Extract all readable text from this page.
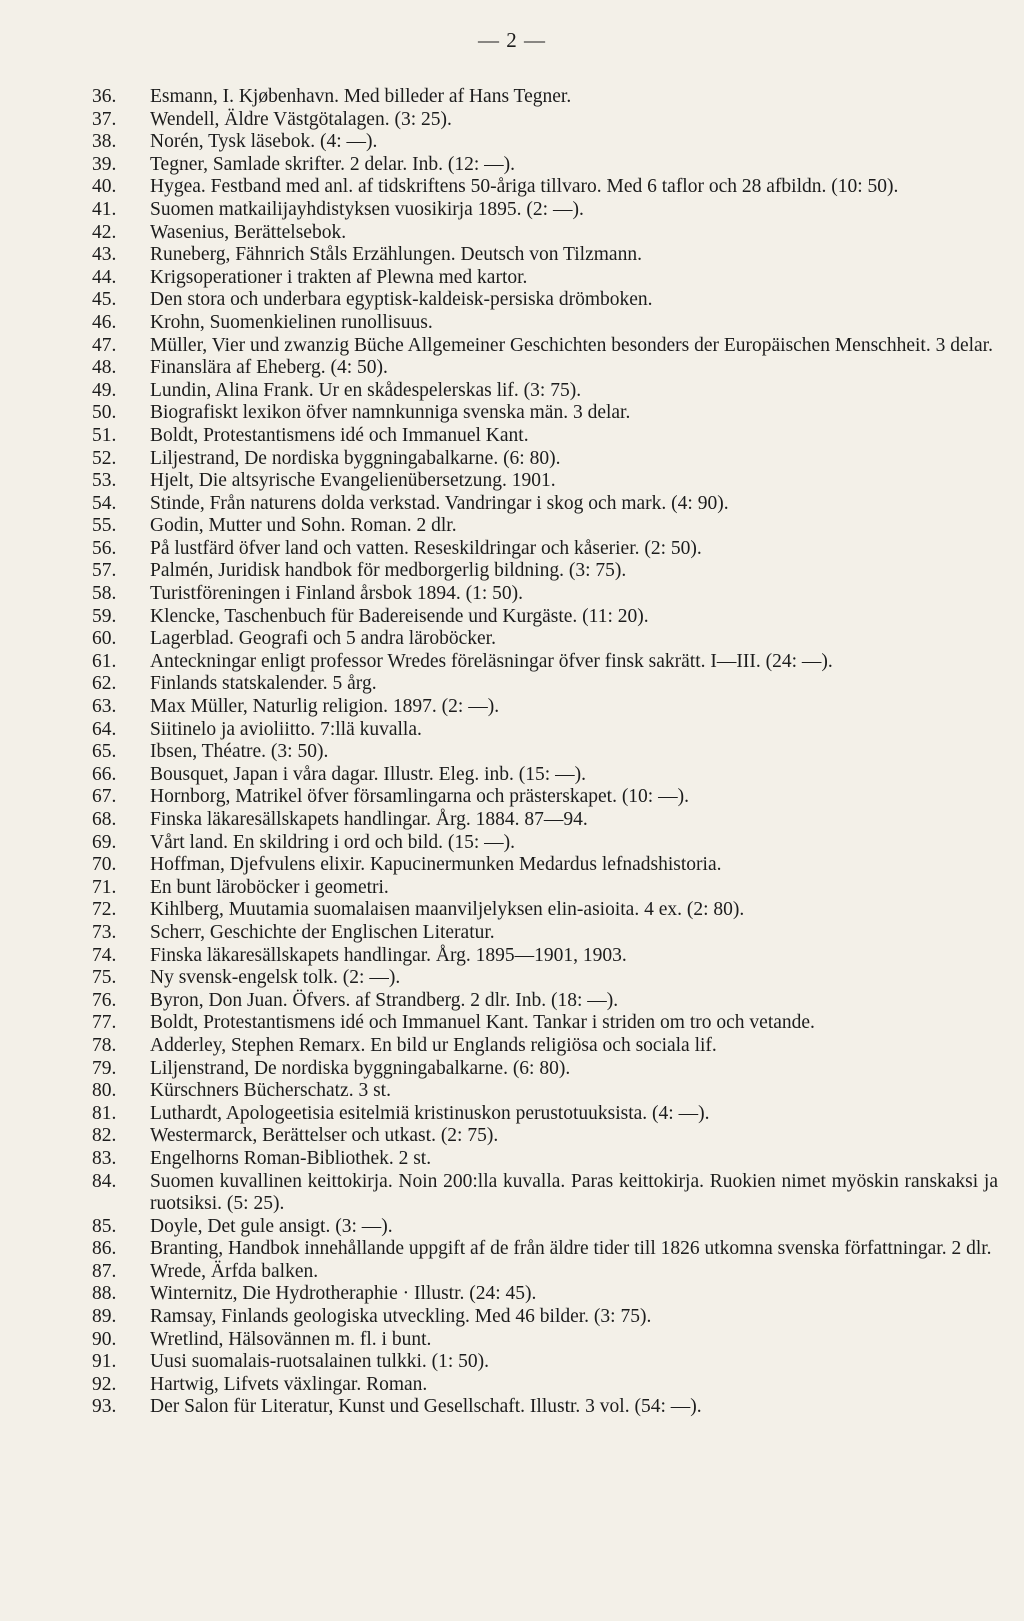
— 2 —
36.	Esmann, I. Kjøbenhavn. Med billeder af Hans Tegner.
37.	Wendell, Äldre Västgötalagen. (3: 25).
38.	Norén, Tysk läsebok. (4: —).
39.	Tegner, Samlade skrifter. 2 delar. Inb. (12: —).
40.	Hygea. Festband med anl. af tidskriftens 50-åriga tillvaro. Med 6 taflor och 28 afbildn. (10: 50).
41.	Suomen matkailijayhdistyksen vuosikirja 1895. (2: —).
42.	Wasenius, Berättelsebok.
43.	Runeberg, Fähnrich Ståls Erzählungen. Deutsch von Tilzmann.
44.	Krigsoperationer i trakten af Plewna med kartor.
45.	Den stora och underbara egyptisk-kaldeisk-persiska drömboken.
46.	Krohn, Suomenkielinen runollisuus.
47.	Müller, Vier und zwanzig Büche Allgemeiner Geschichten besonders der Europäischen Menschheit. 3 delar.
48.	Finanslära af Eheberg. (4: 50).
49.	Lundin, Alina Frank. Ur en skådespelerskas lif. (3: 75).
50.	Biografiskt lexikon öfver namnkunniga svenska män. 3 delar.
51.	Boldt, Protestantismens idé och Immanuel Kant.
52.	Liljestrand, De nordiska byggningabalkarne. (6: 80).
53.	Hjelt, Die altsyrische Evangelienübersetzung. 1901.
54.	Stinde, Från naturens dolda verkstad. Vandringar i skog och mark. (4: 90).
55.	Godin, Mutter und Sohn. Roman. 2 dlr.
56.	På lustfärd öfver land och vatten. Reseskildringar och kåserier. (2: 50).
57.	Palmén, Juridisk handbok för medborgerlig bildning. (3: 75).
58.	Turistföreningen i Finland årsbok 1894. (1: 50).
59.	Klencke, Taschenbuch für Badereisende und Kurgäste. (11: 20).
60.	Lagerblad. Geografi och 5 andra läroböcker.
61.	Anteckningar enligt professor Wredes föreläsningar öfver finsk sakrätt. I—III. (24: —).
62.	Finlands statskalender. 5 årg.
63.	Max Müller, Naturlig religion. 1897. (2: —).
64.	Siitinelo ja avioliitto. 7:llä kuvalla.
65.	Ibsen, Théatre. (3: 50).
66.	Bousquet, Japan i våra dagar. Illustr. Eleg. inb. (15: —).
67.	Hornborg, Matrikel öfver församlingarna och prästerskapet. (10: —).
68.	Finska läkaresällskapets handlingar. Årg. 1884. 87—94.
69.	Vårt land. En skildring i ord och bild. (15: —).
70.	Hoffman, Djefvulens elixir. Kapucinermunken Medardus lefnadshistoria.
71.	En bunt läroböcker i geometri.
72.	Kihlberg, Muutamia suomalaisen maanviljelyksen elin-asioita. 4 ex. (2: 80).
73.	Scherr, Geschichte der Englischen Literatur.
74.	Finska läkaresällskapets handlingar. Årg. 1895—1901, 1903.
75.	Ny svensk-engelsk tolk. (2: —).
76.	Byron, Don Juan. Öfvers. af Strandberg. 2 dlr. Inb. (18: —).
77.	Boldt, Protestantismens idé och Immanuel Kant. Tankar i striden om tro och vetande.
78.	Adderley, Stephen Remarx. En bild ur Englands religiösa och sociala lif.
79.	Liljenstrand, De nordiska byggningabalkarne. (6: 80).
80.	Kürschners Bücherschatz. 3 st.
81.	Luthardt, Apologeetisia esitelmiä kristinuskon perustotuuksista. (4: —).
82.	Westermarck, Berättelser och utkast. (2: 75).
83.	Engelhorns Roman-Bibliothek. 2 st.
84.	Suomen kuvallinen keittokirja. Noin 200:lla kuvalla. Paras keittokirja. Ruokien nimet myöskin ranskaksi ja ruotsiksi. (5: 25).
85.	Doyle, Det gule ansigt. (3: —).
86.	Branting, Handbok innehållande uppgift af de från äldre tider till 1826 utkomna svenska författningar. 2 dlr.
87.	Wrede, Ärfda balken.
88.	Winternitz, Die Hydrotheraphie · Illustr. (24: 45).
89.	Ramsay, Finlands geologiska utveckling. Med 46 bilder. (3: 75).
90.	Wretlind, Hälsovännen m. fl. i bunt.
91.	Uusi suomalais-ruotsalainen tulkki. (1: 50).
92.	Hartwig, Lifvets växlingar. Roman.
93.	Der Salon für Literatur, Kunst und Gesellschaft. Illustr. 3 vol. (54: —).
